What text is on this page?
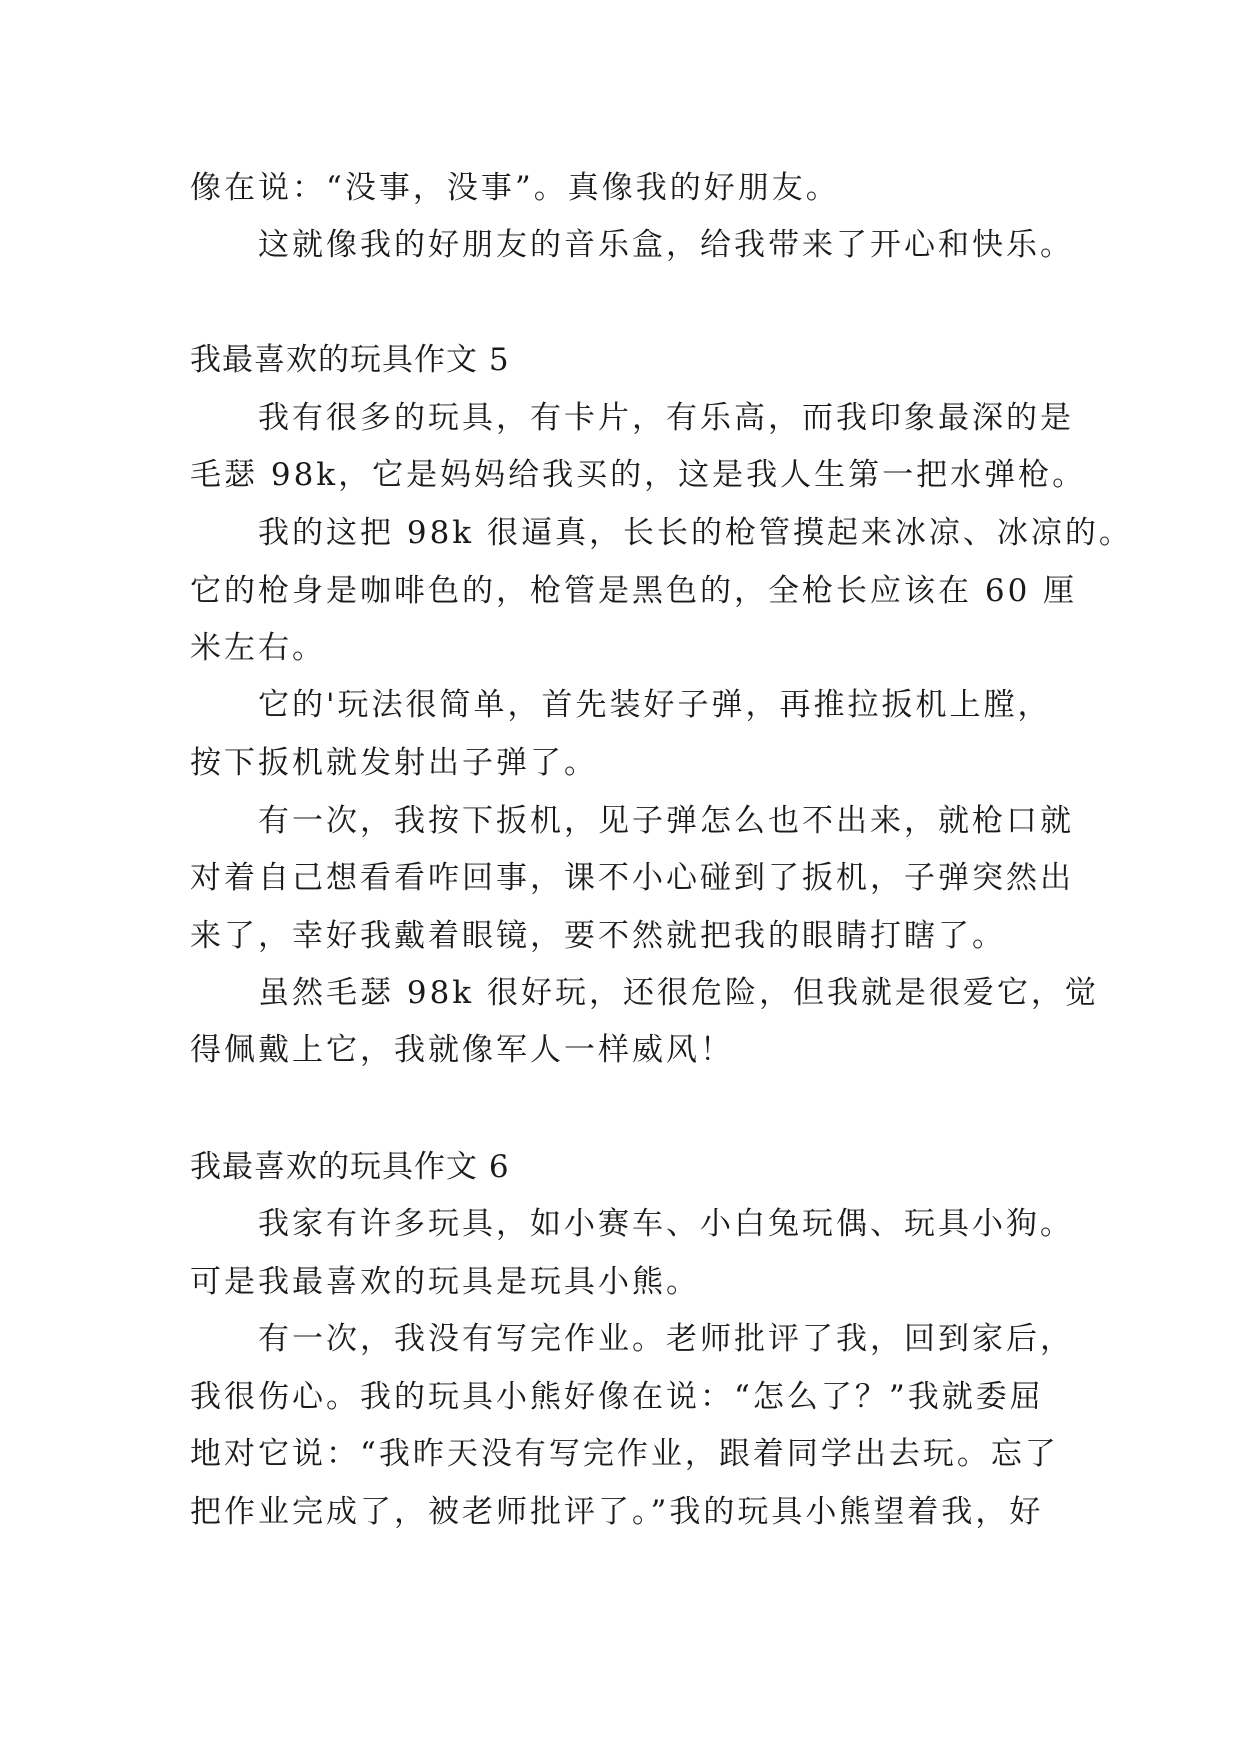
像在说：“没事，没事”。真像我的好朋友。
这就像我的好朋友的音乐盒，给我带来了开心和快乐。
我最喜欢的玩具作文 5
我有很多的玩具，有卡片，有乐高，而我印象最深的是
毛瑟 98k，它是妈妈给我买的，这是我人生第一把水弹枪。
我的这把 98k 很逼真，长长的枪管摸起来冰凉、冰凉的。
它的枪身是咖啡色的，枪管是黑色的，全枪长应该在 60 厘
米左右。
它的'玩法很简单，首先装好子弹，再推拉扳机上膛，
按下扳机就发射出子弹了。
有一次，我按下扳机，见子弹怎么也不出来，就枪口就
对着自己想看看咋回事，课不小心碰到了扳机，子弹突然出
来了，幸好我戴着眼镜，要不然就把我的眼睛打瞎了。
虽然毛瑟 98k 很好玩，还很危险，但我就是很爱它，觉
得佩戴上它，我就像军人一样威风！
我最喜欢的玩具作文 6
我家有许多玩具，如小赛车、小白兔玩偶、玩具小狗。
可是我最喜欢的玩具是玩具小熊。
有一次，我没有写完作业。老师批评了我，回到家后，
我很伤心。我的玩具小熊好像在说：“怎么了？”我就委屈
地对它说：“我昨天没有写完作业，跟着同学出去玩。忘了
把作业完成了，被老师批评了。”我的玩具小熊望着我，好
